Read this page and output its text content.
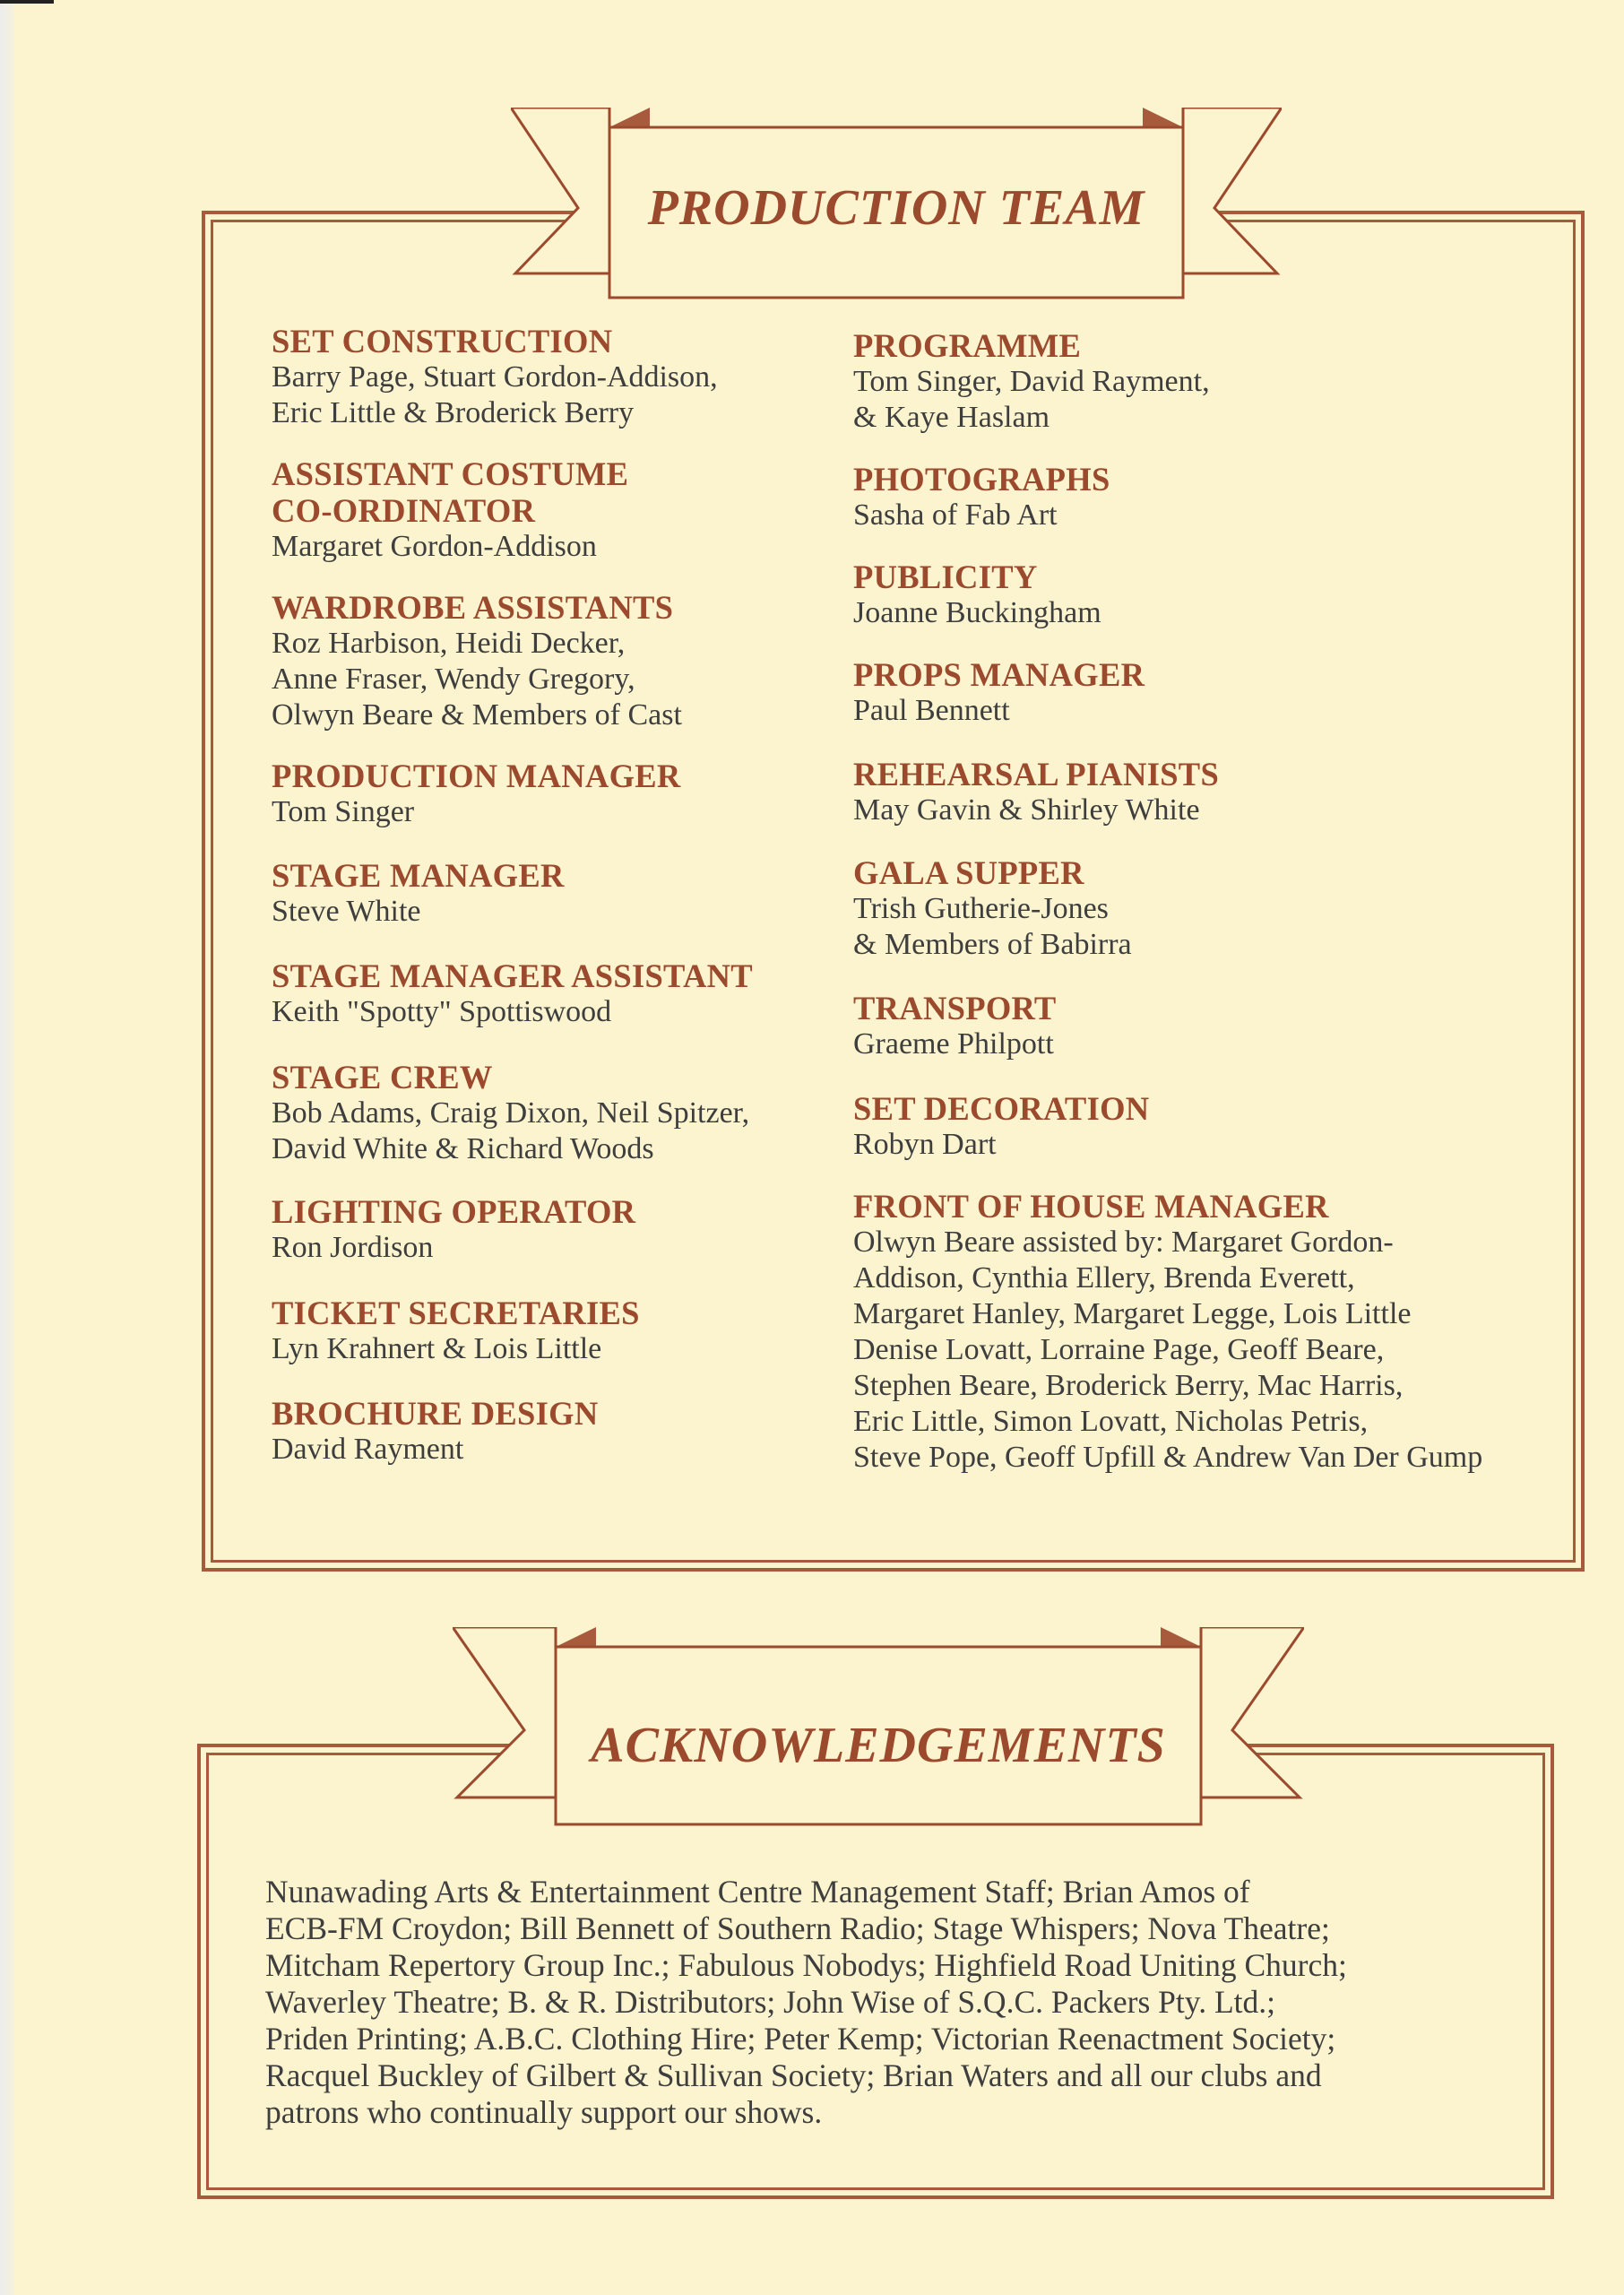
PRODUCTION TEAM
SET CONSTRUCTION
Barry Page, Stuart Gordon-Addison,
Eric Little & Broderick Berry
ASSISTANT COSTUME
CO-ORDINATOR
Margaret Gordon-Addison
WARDROBE ASSISTANTS
Roz Harbison, Heidi Decker,
Anne Fraser, Wendy Gregory,
Olwyn Beare & Members of Cast
PRODUCTION MANAGER
Tom Singer
STAGE MANAGER
Steve White
STAGE MANAGER ASSISTANT
Keith "Spotty" Spottiswood
STAGE CREW
Bob Adams, Craig Dixon, Neil Spitzer,
David White & Richard Woods
LIGHTING OPERATOR
Ron Jordison
TICKET SECRETARIES
Lyn Krahnert & Lois Little
BROCHURE DESIGN
David Rayment
PROGRAMME
Tom Singer, David Rayment,
& Kaye Haslam
PHOTOGRAPHS
Sasha of Fab Art
PUBLICITY
Joanne Buckingham
PROPS MANAGER
Paul Bennett
REHEARSAL PIANISTS
May Gavin & Shirley White
GALA SUPPER
Trish Gutherie-Jones
& Members of Babirra
TRANSPORT
Graeme Philpott
SET DECORATION
Robyn Dart
FRONT OF HOUSE MANAGER
Olwyn Beare assisted by: Margaret Gordon-
Addison, Cynthia Ellery, Brenda Everett,
Margaret Hanley, Margaret Legge, Lois Little
Denise Lovatt, Lorraine Page, Geoff Beare,
Stephen Beare, Broderick Berry, Mac Harris,
Eric Little, Simon Lovatt, Nicholas Petris,
Steve Pope, Geoff Upfill & Andrew Van Der Gump
ACKNOWLEDGEMENTS
Nunawading Arts & Entertainment Centre Management Staff; Brian Amos of
ECB-FM Croydon; Bill Bennett of Southern Radio; Stage Whispers; Nova Theatre;
Mitcham Repertory Group Inc.; Fabulous Nobodys; Highfield Road Uniting Church;
Waverley Theatre; B. & R. Distributors; John Wise of S.Q.C. Packers Pty. Ltd.;
Priden Printing; A.B.C. Clothing Hire; Peter Kemp; Victorian Reenactment Society;
Racquel Buckley of Gilbert & Sullivan Society; Brian Waters and all our clubs and
patrons who continually support our shows.
